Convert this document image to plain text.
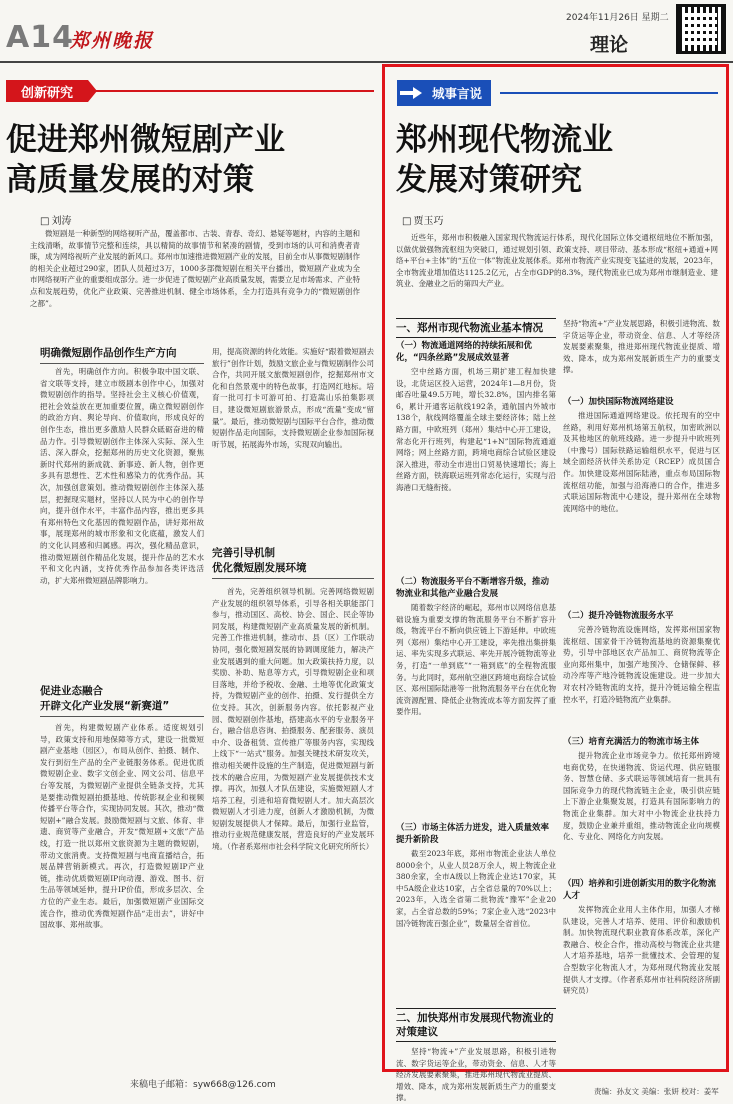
A14
郑州晚报
2024年11月26日 星期二
理论
创新研究
促进郑州微短剧产业
高质量发展的对策
□ 刘涛
微短剧是一种新型的网络视听产品，覆盖都市、古装、青春、奇幻、悬疑等题材，内容的主题和主线清晰，故事情节完整和连续，具以精简的故事情节和紧凑的剧情，受到市场的认可和消费者青睐，成为网络视听产业发展的新风口。郑州市加速推进微短剧产业的发展，目前全市从事微短剧制作的相关企业超过290家，团队人员超过3万，1000多部微短剧在相关平台播出，微短剧产业成为全市网络视听产业的重要组成部分。进一步促进了微短剧产业高质量发展，需要立足市场需求、产业特点和发展趋势，优化产业政策、完善推进机制、健全市场体系，全力打造具有竞争力的“微短剧创作之都”。
明确微短剧作品创作生产方向
首先，明确创作方向。积极争取中国文联、省文联等支持，建立市级剧本创作中心，加强对微短剧创作的指导。坚持社会主义核心价值观，把社会效益放在更加重要位置，确立微短剧创作的政治方向、舆论导向、价值取向，形成良好的创作生态，推出更多激励人民群众砥砺奋进的精品力作。引导微短剧创作主体深入实际、深入生活、深入群众，挖掘郑州的历史文化资源，聚焦新时代郑州的新成就、新事迹、新人物，创作更多具有思想性、艺术性和感染力的优秀作品。其次，加强创意策划。推动微短剧创作主体深入基层，把握现实题材，坚持以人民为中心的创作导向，提升创作水平，丰富作品内容，推出更多具有郑州特色文化基因的微短剧作品，讲好郑州故事，展现郑州的城市形象和文化底蕴，激发人们的文化认同感和归属感。再次，强化精品意识，推动微短剧创作精品化发展，提升作品的艺术水平和文化内涵，支持优秀作品参加各类评选活动，扩大郑州微短剧品牌影响力。
促进业态融合
开辟文化产业发展“新赛道”
首先，构建微短剧产业体系。适度规划引导，政策支持和用地保障等方式，建设一批微短剧产业基地（园区），布局从创作、拍摄、制作、发行到衍生产品的全产业链服务体系。促进优质微短剧企业、数字文创企业、网文公司、信息平台等发展，为微短剧产业提供全链条支持，尤其是要推动微短剧拍摄基地、传统影视企业和视频传播平台等合作，实现协同发展。其次，推动“微短剧+”融合发展。鼓励微短剧与文旅、体育、非遗、商贸等产业融合，开发“微短剧+文旅”产品线，打造一批以郑州文旅资源为主题的微短剧，带动文旅消费。支持微短剧与电商直播结合，拓展品牌营销新模式。再次，打造微短剧IP产业链，推动优质微短剧IP向动漫、游戏、图书、衍生品等领域延伸，提升IP价值，形成多层次、全方位的产业生态。最后，加强微短剧产业国际交流合作，推动优秀微短剧作品“走出去”，讲好中国故事、郑州故事。
用，提高资源的转化效能。实施好“跟着微短剧去旅行”创作计划，鼓励文旅企业与微短剧制作公司合作，共同开展文旅微短剧创作，挖掘郑州市文化和自然景观中的特色故事，打造网红地标。培育一批可打卡可游可拍、打造嵩山乐拍集影项目，建设微短剧旅游景点，形成“流量”变成“留量”。最后，推动微短剧与国际平台合作，推动微短剧作品走向国际，支持微短剧企业参加国际视听节展，拓展海外市场，实现双向输出。
完善引导机制
优化微短剧发展环境
首先，完善组织领导机制。完善网络微短剧产业发展的组织领导体系，引导各相关职能部门参与，推动国区、高校、协会、国企、民企等协同发展，构建微短剧产业高质量发展的新机制。完善工作推进机制，推动市、县（区）工作联动协同，强化微短剧发展的协调调度能力，解决产业发展遇到的重大问题。加大政策扶持力度，以奖励、补助、贴息等方式，引导微短剧企业和项目落地，并给予税收、金融、土地等优化政策支持，为微短剧产业的创作、拍摄、发行提供全方位支持。其次，创新服务内容。依托影视产业园、微短剧创作基地，搭建高水平的专业服务平台，融合信息咨询、拍摄服务、配套服务、演员中介、设备租赁、宣传推广等服务内容，实现线上线下“一站式”服务。加强关键技术研发攻关，推动相关硬件设施的生产制造，促进微短剧与新技术的融合应用，为微短剧产业发展提供技术支撑。再次，加强人才队伍建设，实施微短剧人才培养工程，引进和培育微短剧人才。加大高层次微短剧人才引进力度，创新人才激励机制，为微短剧发展提供人才保障。最后，加强行业监管，推动行业规范健康发展，营造良好的产业发展环境。（作者系郑州市社会科学院文化研究所所长）
来稿电子邮箱：syw668@126.com
城事言说
郑州现代物流业
发展对策研究
□ 贾玉巧
近些年，郑州市积极融入国家现代物流运行体系，现代化国际立体交通枢纽地位不断加强，以做优做强物流枢纽为突破口，通过规划引领、政策支持、项目带动、基本形成“枢纽+通道+网络+平台+主体”的“五位一体”物流业发展体系。郑州市物流产业实现变飞猛进的发展，2023年，全市物流业增加值达1125.2亿元，占全市GDP的8.3%，现代物流业已成为郑州市继制造业、建筑业、金融业之后的第四大产业。
一、郑州市现代物流业基本情况
（一）物流通道网络的持续拓展和优化，“四条丝路”发展成效显著
空中丝路方面，机场三期扩建工程加快建设，北货运区投入运营，2024年1—8月份，货邮吞吐量49.5万吨，增长32.8%，国内排名第6，累计开通客运航线192条，通航国内外城市138个，航线网络覆盖全球主要经济体；陆上丝路方面，中欧班列（郑州）集结中心开工建设，常态化开行班列，构建起“1+N”国际物流通道网络；网上丝路方面，跨境电商综合试验区建设深入推进，带动全市进出口贸易快速增长；海上丝路方面，铁海联运班列常态化运行，实现与沿海港口无缝衔接。
（二）物流服务平台不断增容升级，推动物流业和其他产业融合发展
随着数字经济的崛起，郑州市以网络信息基础设施为重要支撑的物流服务平台不断扩容升级，物流平台不断向供应链上下游延伸。中欧班列（郑州）集结中心开工建设，率先推出集拼集运、率先实现多式联运、率先开展冷链物流等业务，打造“一单到底”“一箱到底”的全程物流服务。与此同时，郑州航空港区跨境电商综合试验区、郑州国际陆港等一批物流服务平台在优化物流资源配置、降低企业物流成本等方面发挥了重要作用。
（三）市场主体活力迸发，进入质量效率提升新阶段
截至2023年底，郑州市物流企业法人单位8000余个，从业人员28万余人，规上物流企业380余家，全市A级以上物流企业达170家，其中5A级企业达10家，占全省总量的70%以上；2023年，入选全省第二批物流“豫军”企业20家，占全省总数的59%；7家企业入选“2023中国冷链物流百强企业”，数量居全省首位。
二、加快郑州市发展现代物流业的对策建议
坚持“物流+”产业发展思路，积极引进物流、数字货运等企业，带动资金、信息、人才等经济发展要素聚集，推进郑州现代物流业提质、增效、降本，成为郑州发展新质生产力的重要支撑。
坚持“物流+”产业发展思路，积极引进物流、数字货运等企业，带动资金、信息、人才等经济发展要素聚集，推进郑州现代物流业提质、增效、降本，成为郑州发展新质生产力的重要支撑。
（一）加快国际物流网络建设
推进国际通道网络建设。依托现有的空中丝路，利用好郑州机场第五航权，加密欧洲以及其他地区的航班线路。进一步提升中欧班列（中豫号）国际铁路运输组织水平，促进与区域全面经济伙伴关系协定（RCEP）成员国合作。加快建设郑州国际陆港，重点布局国际物流枢纽功能，加强与沿海港口的合作，推进多式联运国际物流中心建设，提升郑州在全球物流网络中的地位。
（二）提升冷链物流服务水平
完善冷链物流设施网络，发挥郑州国家物流枢纽、国家骨干冷链物流基地的资源集聚优势，引导中部地区农产品加工、商贸物流等企业向郑州集中，加强产地预冷、仓储保鲜、移动冷库等产地冷链物流设施建设。进一步加大对农村冷链物流的支持，提升冷链运输全程监控水平，打造冷链物流产业集群。
（三）培育充满活力的物流市场主体
提升物流企业市场竞争力。依托郑州跨境电商优势，在快递物流、货运代理、供应链服务、智慧仓储、多式联运等领域培育一批具有国际竞争力的现代物流链主企业，吸引供应链上下游企业集聚发展，打造具有国际影响力的物流企业集群。加大对中小物流企业扶持力度，鼓励企业兼并重组，推动物流企业向规模化、专业化、网络化方向发展。
（四）培养和引进创新实用的数字化物流人才
发挥物流企业用人主体作用，加强人才梯队建设，完善人才培养、使用、评价和激励机制。加快物流现代职业教育体系改革，深化产教融合、校企合作，推动高校与物流企业共建人才培养基地，培养一批懂技术、会管理的复合型数字化物流人才，为郑州现代物流业发展提供人才支撑。（作者系郑州市社科院经济所副研究员）
责编：孙友文 美编：张妍 校对：姜军
